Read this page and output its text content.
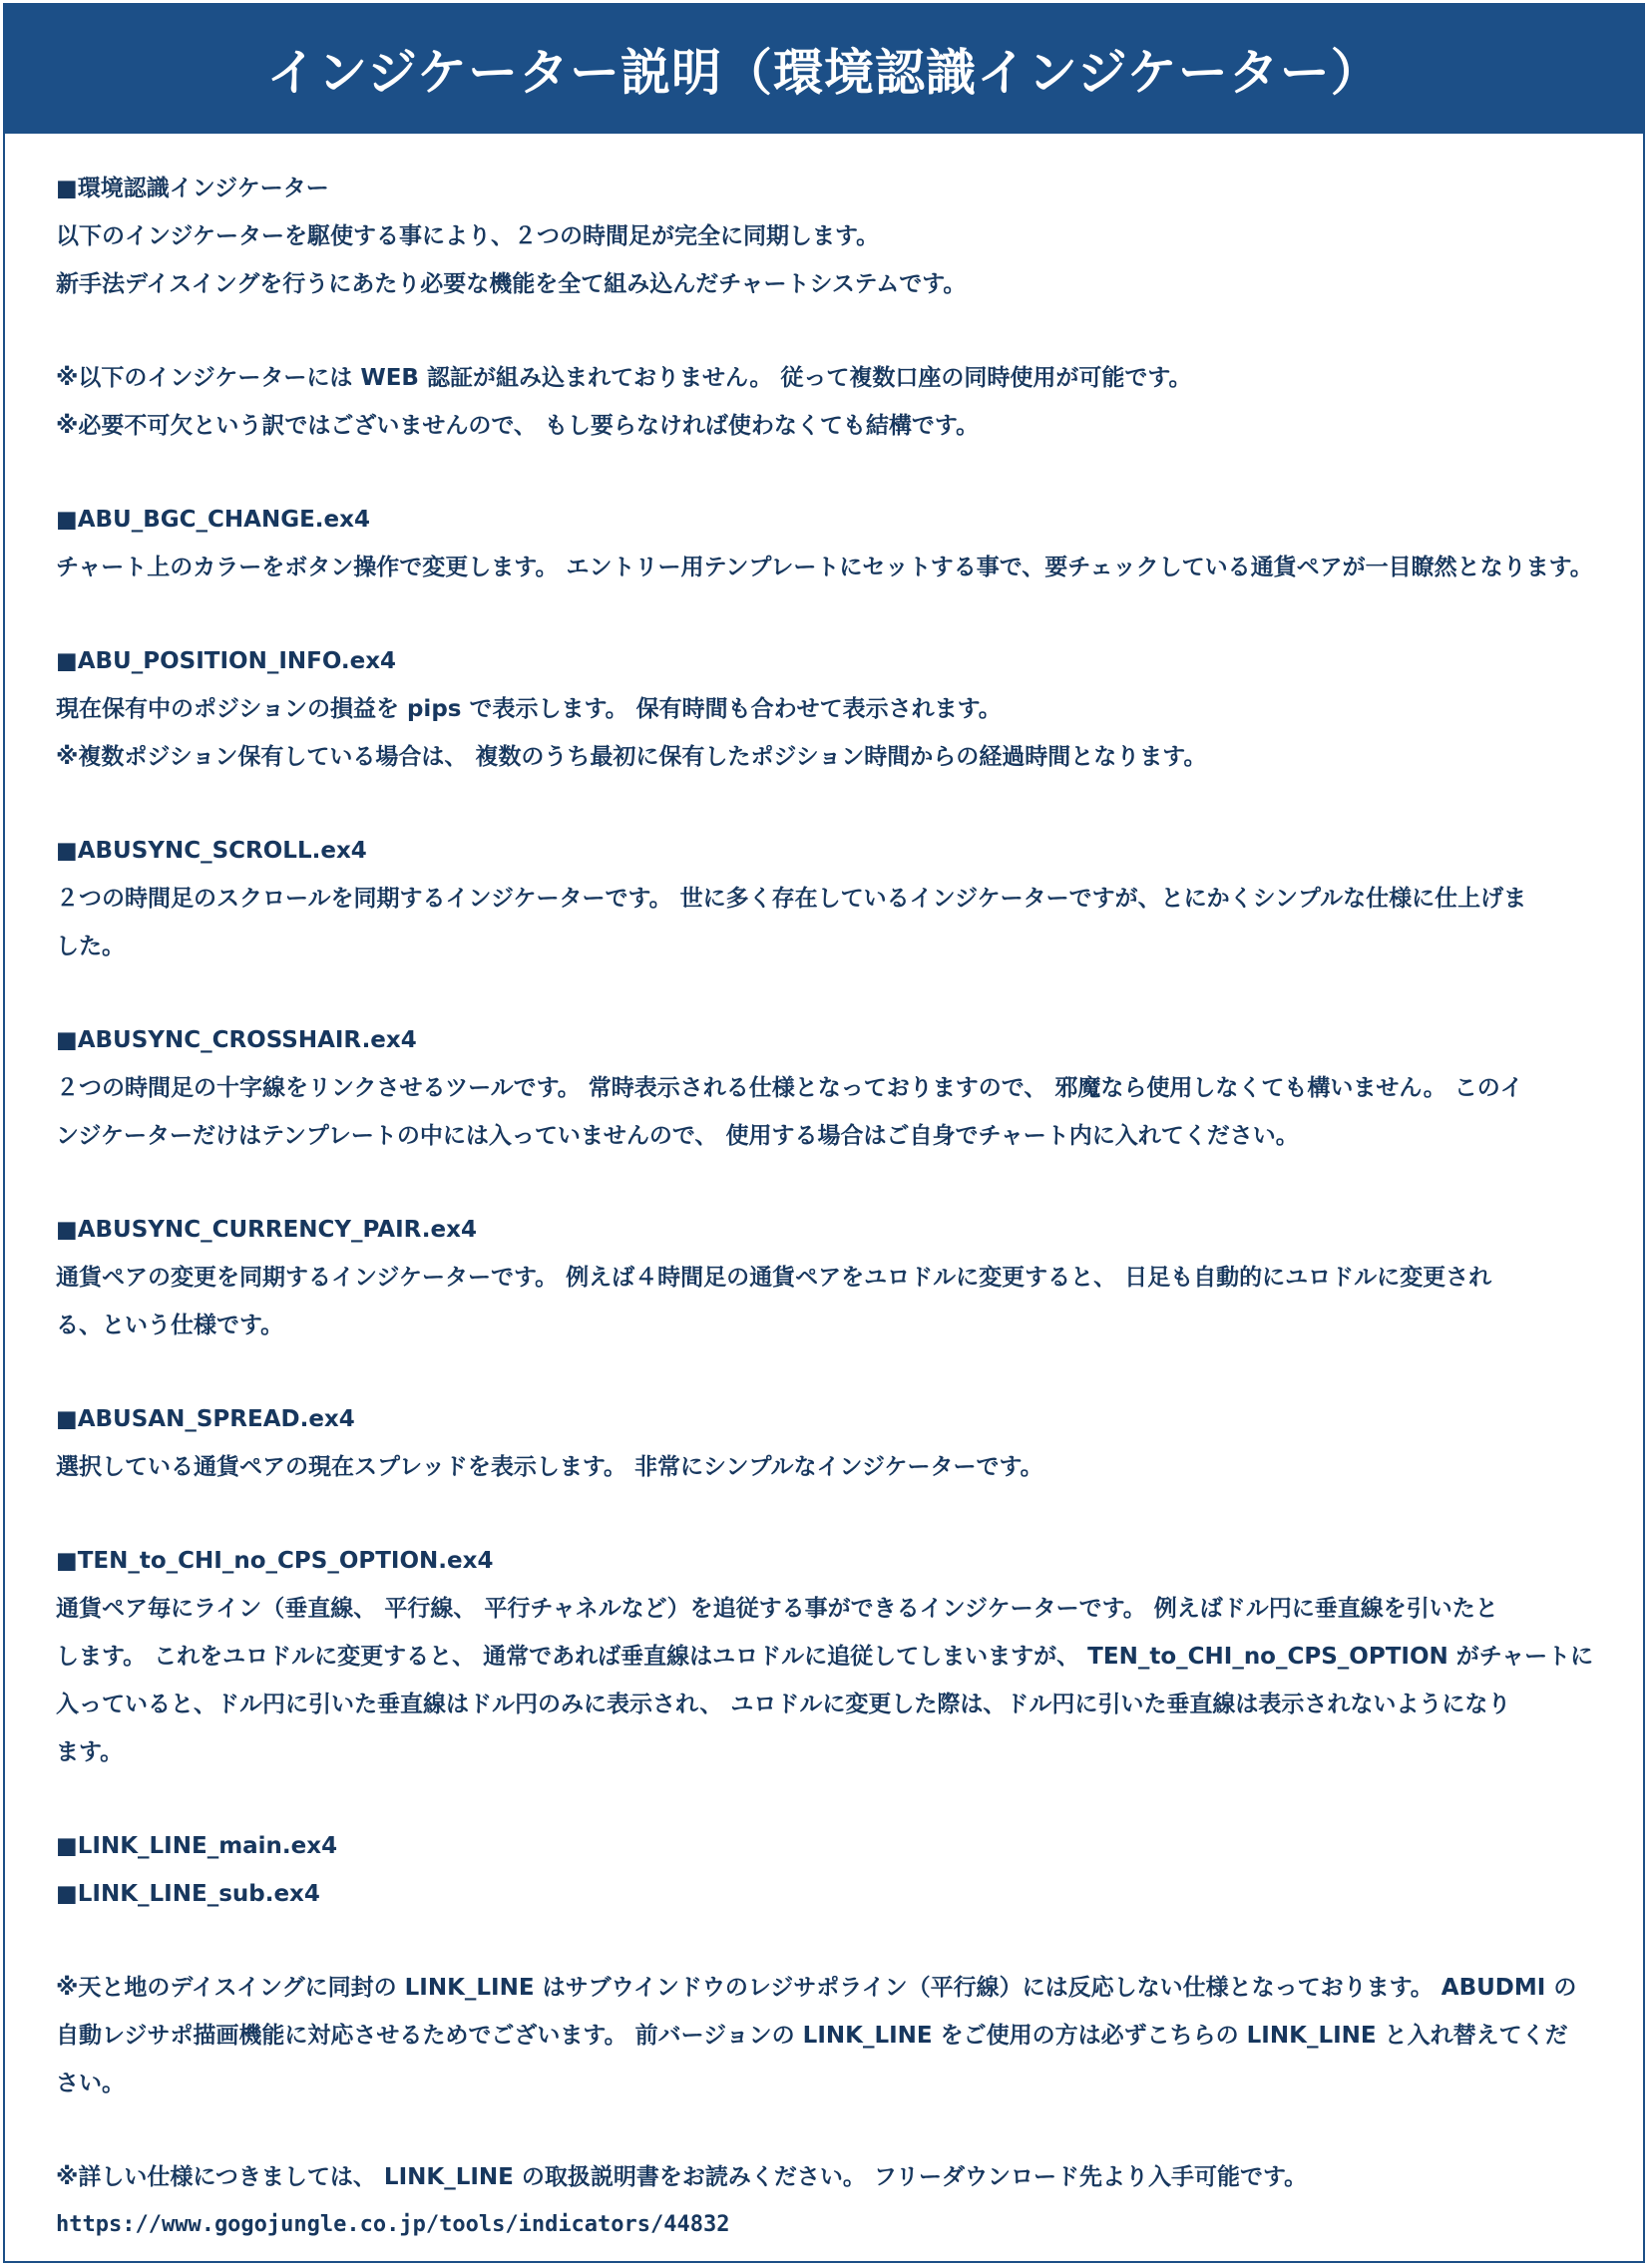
インジケーター説明（環境認識インジケーター）
■環境認識インジケーター
以下のインジケーターを駆使する事により、２つの時間足が完全に同期します。
新手法デイスイングを行うにあたり必要な機能を全て組み込んだチャートシステムです。
※以下のインジケーターには WEB 認証が組み込まれておりません。 従って複数口座の同時使用が可能です。
※必要不可欠という訳ではございませんので、 もし要らなければ使わなくても結構です。
■ABU_BGC_CHANGE.ex4
チャート上のカラーをボタン操作で変更します。 エントリー用テンプレートにセットする事で、要チェックしている通貨ペアが一目瞭然となります。
■ABU_POSITION_INFO.ex4
現在保有中のポジションの損益を pips で表示します。 保有時間も合わせて表示されます。
※複数ポジション保有している場合は、 複数のうち最初に保有したポジション時間からの経過時間となります。
■ABUSYNC_SCROLL.ex4
２つの時間足のスクロールを同期するインジケーターです。 世に多く存在しているインジケーターですが、とにかくシンプルな仕様に仕上げま
した。
■ABUSYNC_CROSSHAIR.ex4
２つの時間足の十字線をリンクさせるツールです。 常時表示される仕様となっておりますので、 邪魔なら使用しなくても構いません。 このイ
ンジケーターだけはテンプレートの中には入っていませんので、 使用する場合はご自身でチャート内に入れてください。
■ABUSYNC_CURRENCY_PAIR.ex4
通貨ペアの変更を同期するインジケーターです。 例えば４時間足の通貨ペアをユロドルに変更すると、 日足も自動的にユロドルに変更され
る、という仕様です。
■ABUSAN_SPREAD.ex4
選択している通貨ペアの現在スプレッドを表示します。 非常にシンプルなインジケーターです。
■TEN_to_CHI_no_CPS_OPTION.ex4
通貨ペア毎にライン（垂直線、 平行線、 平行チャネルなど）を追従する事ができるインジケーターです。 例えばドル円に垂直線を引いたと
します。 これをユロドルに変更すると、 通常であれば垂直線はユロドルに追従してしまいますが、 TEN_to_CHI_no_CPS_OPTION がチャートに
入っていると、ドル円に引いた垂直線はドル円のみに表示され、 ユロドルに変更した際は、ドル円に引いた垂直線は表示されないようになり
ます。
■LINK_LINE_main.ex4
■LINK_LINE_sub.ex4
※天と地のデイスイングに同封の LINK_LINE はサブウインドウのレジサポライン（平行線）には反応しない仕様となっております。 ABUDMI の
自動レジサポ描画機能に対応させるためでございます。 前バージョンの LINK_LINE をご使用の方は必ずこちらの LINK_LINE と入れ替えてくだ
さい。
※詳しい仕様につきましては、 LINK_LINE の取扱説明書をお読みください。 フリーダウンロード先より入手可能です。
https://www.gogojungle.co.jp/tools/indicators/44832
